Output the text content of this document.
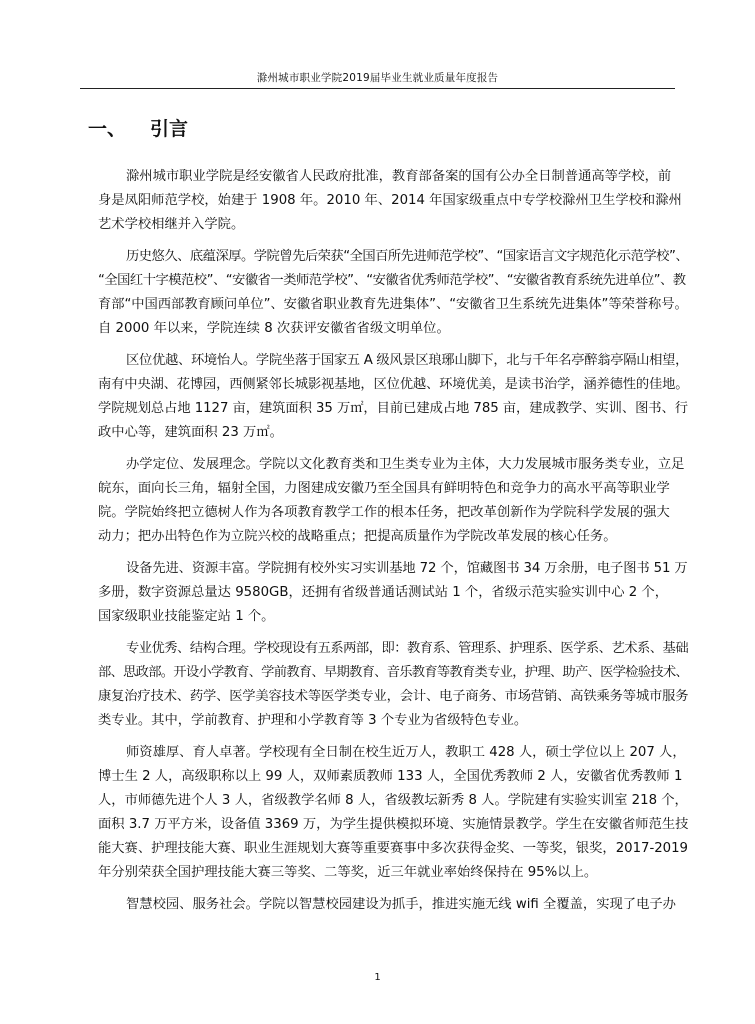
滁州城市职业学院2019届毕业生就业质量年度报告
一、 引言

滁州城市职业学院是经安徽省人民政府批准，教育部备案的国有公办全日制普通高等学校，前
身是凤阳师范学校，始建于 1908 年。2010 年、2014 年国家级重点中专学校滁州卫生学校和滁州
艺术学校相继并入学院。

历史悠久、底蕴深厚。学院曾先后荣获“全国百所先进师范学校”、“国家语言文字规范化示范学校”、
“全国红十字模范校”、“安徽省一类师范学校”、“安徽省优秀师范学校”、“安徽省教育系统先进单位”、教
育部“中国西部教育顾问单位”、安徽省职业教育先进集体”、“安徽省卫生系统先进集体”等荣誉称号。
自 2000 年以来，学院连续 8 次获评安徽省省级文明单位。

区位优越、环境怡人。学院坐落于国家五 A 级风景区琅琊山脚下，北与千年名亭醉翁亭隔山相望，
南有中央湖、花博园，西侧紧邻长城影视基地，区位优越、环境优美，是读书治学，涵养德性的佳地。
学院规划总占地 1127 亩，建筑面积 35 万㎡，目前已建成占地 785 亩，建成教学、实训、图书、行
政中心等，建筑面积 23 万㎡。

办学定位、发展理念。学院以文化教育类和卫生类专业为主体，大力发展城市服务类专业，立足
皖东，面向长三角，辐射全国，力图建成安徽乃至全国具有鲜明特色和竞争力的高水平高等职业学
院。学院始终把立德树人作为各项教育教学工作的根本任务，把改革创新作为学院科学发展的强大
动力；把办出特色作为立院兴校的战略重点；把提高质量作为学院改革发展的核心任务。

设备先进、资源丰富。学院拥有校外实习实训基地 72 个，馆藏图书 34 万余册，电子图书 51 万
多册，数字资源总量达 9580GB，还拥有省级普通话测试站 1 个，省级示范实验实训中心 2 个，
国家级职业技能鉴定站 1 个。

专业优秀、结构合理。学校现设有五系两部，即：教育系、管理系、护理系、医学系、艺术系、基础
部、思政部。开设小学教育、学前教育、早期教育、音乐教育等教育类专业，护理、助产、医学检验技术、
康复治疗技术、药学、医学美容技术等医学类专业，会计、电子商务、市场营销、高铁乘务等城市服务
类专业。其中，学前教育、护理和小学教育等 3 个专业为省级特色专业。

师资雄厚、育人卓著。学校现有全日制在校生近万人，教职工 428 人，硕士学位以上 207 人，
博士生 2 人，高级职称以上 99 人，双师素质教师 133 人，全国优秀教师 2 人，安徽省优秀教师 1
人，市师德先进个人 3 人，省级教学名师 8 人，省级教坛新秀 8 人。学院建有实验实训室 218 个，
面积 3.7 万平方米，设备值 3369 万，为学生提供模拟环境、实施情景教学。学生在安徽省师范生技
能大赛、护理技能大赛、职业生涯规划大赛等重要赛事中多次获得金奖、一等奖，银奖，2017-2019
年分别荣获全国护理技能大赛三等奖、二等奖，近三年就业率始终保持在 95%以上。

智慧校园、服务社会。学院以智慧校园建设为抓手，推进实施无线 wifi 全覆盖，实现了电子办

1
